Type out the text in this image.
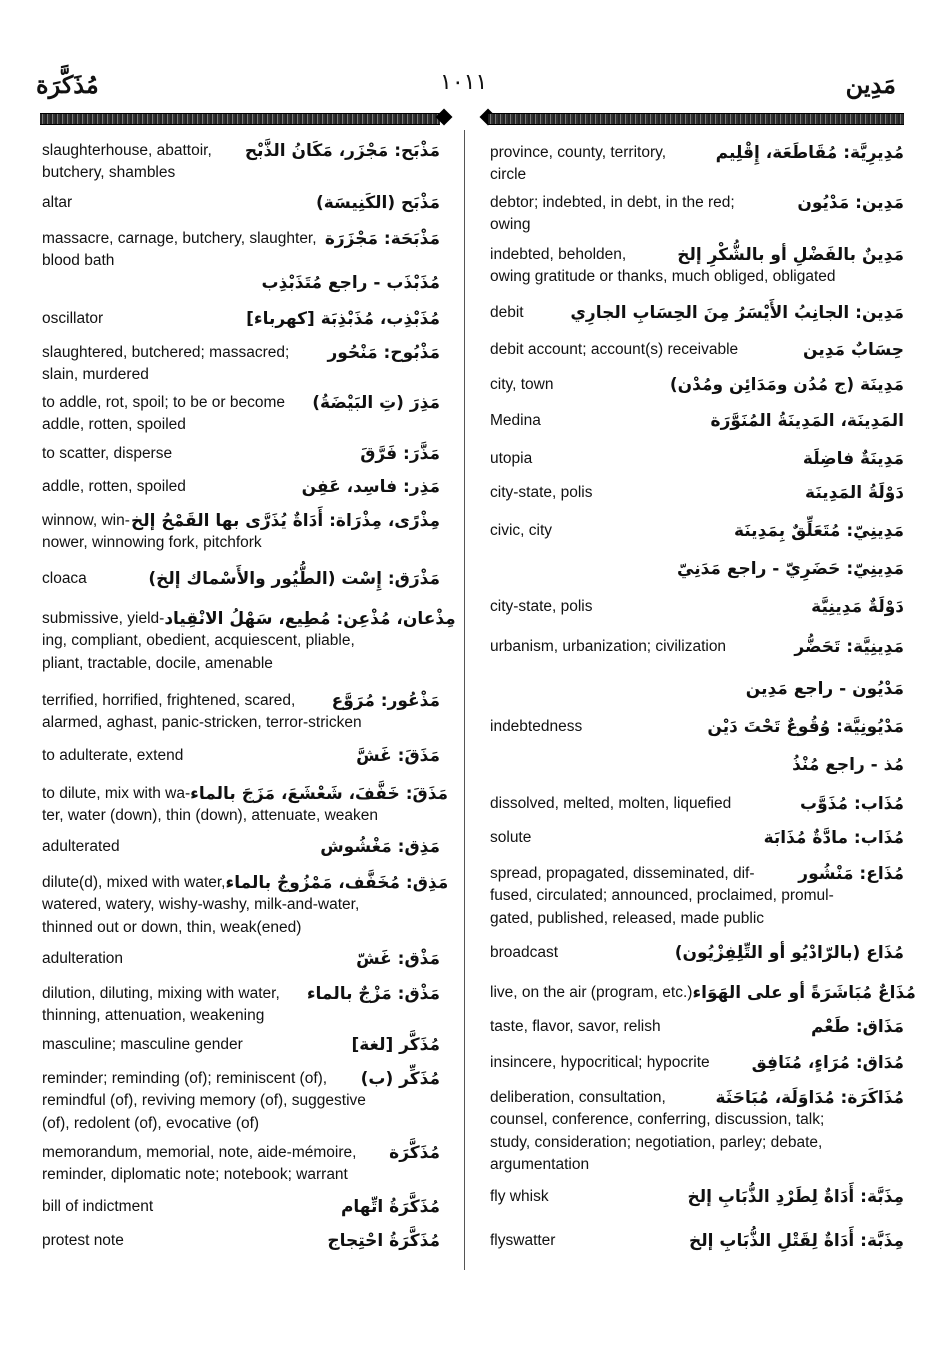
مُذَكَّرَة	١٠١١	مَدِين
slaughterhouse, abattoir, مَذْبَح: مَجْزَر، مَكَانُ الذَّبْح
butchery, shambles
altar	مَذْبَح (الكَنِيسَة)
massacre, carnage, butchery, slaughter, مَذْبَحَة: مَجْزَرَة
blood bath
مُذَبْذَب - راجع مُتَذَبْذِب
oscillator	مُذَبْذِب، مُذَبْذِبَة [كهرباء]
slaughtered, butchered; massacred; مَذْبُوح: مَنْحُور
slain, murdered
to addle, rot, spoil; to be or become مَذِرَ (تِ البَيْضَةُ)
addle, rotten, spoiled
to scatter, disperse	مَذَّرَ: فَرَّقَ
addle, rotten, spoiled	مَذِر: فاسِد، عَفِن
winnow, win- مِذْرًى، مِذْرَاة: أَدَاةٌ يُذَرَّى بها القَمْحُ إلخ
nower, winnowing fork, pitchfork
cloaca	مَذْرَق: إِسْت (الطُّيُور والأَسْماك إلخ)
submissive, yield- مِذْعان، مُذْعِن: مُطِيع، سَهْلُ الانْقِياد
ing, compliant, obedient, acquiescent, pliable,
pliant, tractable, docile, amenable
terrified, horrified, frightened, scared, مَذْعُور: مُرَوَّع
alarmed, aghast, panic-stricken, terror-stricken
to adulterate, extend	مَذَقَ: غَشَّ
to dilute, mix with wa- مَذَقَ: خَفَّفَ، شَعْشَعَ، مَزَجَ بالماء
ter, water (down), thin (down), attenuate, weaken
adulterated	مَذِق: مَغْشُوش
dilute(d), mixed with water, مَذِق: مُخَفَّف، مَمْزُوجٌ بالماء
watered, watery, wishy-washy, milk-and-water,
thinned out or down, thin, weak(ened)
adulteration	مَذْق: غَشّ
dilution, diluting, mixing with water, مَذْق: مَزْجٌ بالماء
thinning, attenuation, weakening
masculine; masculine gender	مُذَكَّر [لغة]
reminder; reminding (of); reminiscent (of), مُذَكِّر (ب)
remindful (of), reviving memory (of), suggestive
(of), redolent (of), evocative (of)
memorandum, memorial, note, aide-mémoire, مُذَكَّرَة
reminder, diplomatic note; notebook; warrant
bill of indictment	مُذَكَّرَةُ اتِّهام
protest note	مُذَكَّرَةُ احْتِجاج
province, county, territory,	مُدِيرِيَّة: مُقَاطَعَة، إِقْلِيم
circle
debtor; indebted, in debt, in the red;	مَدِين: مَدْيُون
owing
indebted, beholden,	مَدِينٌ بالفَضْلِ أو بالشُّكْرِ إلخ
owing gratitude or thanks, much obliged, obligated
debit	مَدِين: الجانِبُ الأَيْسَرُ مِنَ الحِسَابِ الجارِي
debit account; account(s) receivable	حِسَابٌ مَدِين
city, town	مَدِينَة (ج مُدُن ومَدَائِن ومُدْن)
Medina	المَدِينَة، المَدِينَةُ المُنَوَّرَة
utopia	مَدِينَةٌ فاضِلَة
city-state, polis	دَوْلَةُ المَدِينَة
civic, city	مَدِينِيّ: مُتَعَلِّقٌ بِمَدِينَة
مَدِينِيّ: حَضَرِيّ - راجع مَدَنِيّ
city-state, polis	دَوْلَةٌ مَدِينِيَّة
urbanism, urbanization; civilization	مَدِينِيَّة: تَحَضُّر
مَدْيُون - راجع مَدِين
indebtedness	مَدْيُونِيَّة: وُقُوعٌ تَحْتَ دَيْن
مُذ - راجع مُنْذُ
dissolved, melted, molten, liquefied	مُذَاب: مُذَوَّب
solute	مُذَاب: مادَّةٌ مُذَابَة
spread, propagated, disseminated, dif-	مُذَاع: مَنْشُور
fused, circulated; announced, proclaimed, promul-
gated, published, released, made public
broadcast	مُذَاع (بالرّادْيُو أو التِّلِفِزْيُون)
live, on the air (program, etc.) مُذَاعٌ مُبَاشَرَةً أو على الهَوَاء
taste, flavor, savor, relish	مَذَاق: طَعْم
insincere, hypocritical; hypocrite مُدَاق: مُرَاءٍ، مُنَافِق
deliberation, consultation,	مُذَاكَرَة: مُدَاوَلَة، مُبَاحَثَة
counsel, conference, conferring, discussion, talk;
study, consideration; negotiation, parley; debate,
argumentation
fly whisk	مِذَبَّة: أَدَاةٌ لِطَرْدِ الذُّبَابِ إلخ
flyswatter	مِذَبَّة: أَدَاةٌ لِقَتْلِ الذُّبَابِ إلخ
